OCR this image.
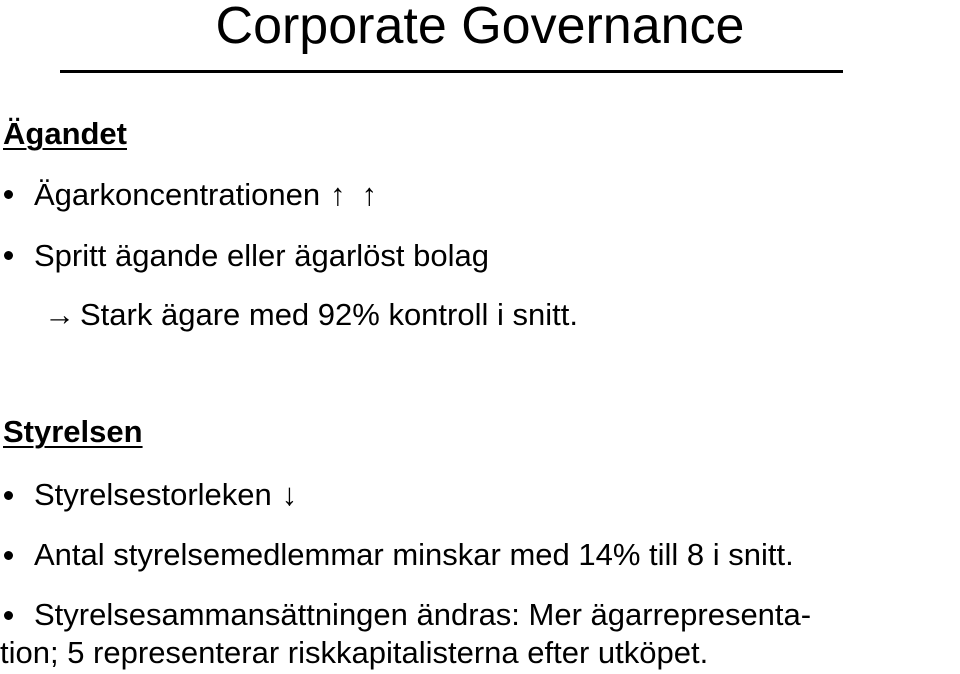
Corporate Governance
Ägandet
Ägarkoncentrationen ↑ ↑
Spritt ägande eller ägarlöst bolag
→ Stark ägare med 92% kontroll i snitt.
Styrelsen
Styrelsestorleken ↓
Antal styrelsemedlemmar minskar med 14% till 8 i snitt.
Styrelsesammansättningen ändras: Mer ägarrepresenta-
tion; 5 representerar riskkapitalisterna efter utköpet.
